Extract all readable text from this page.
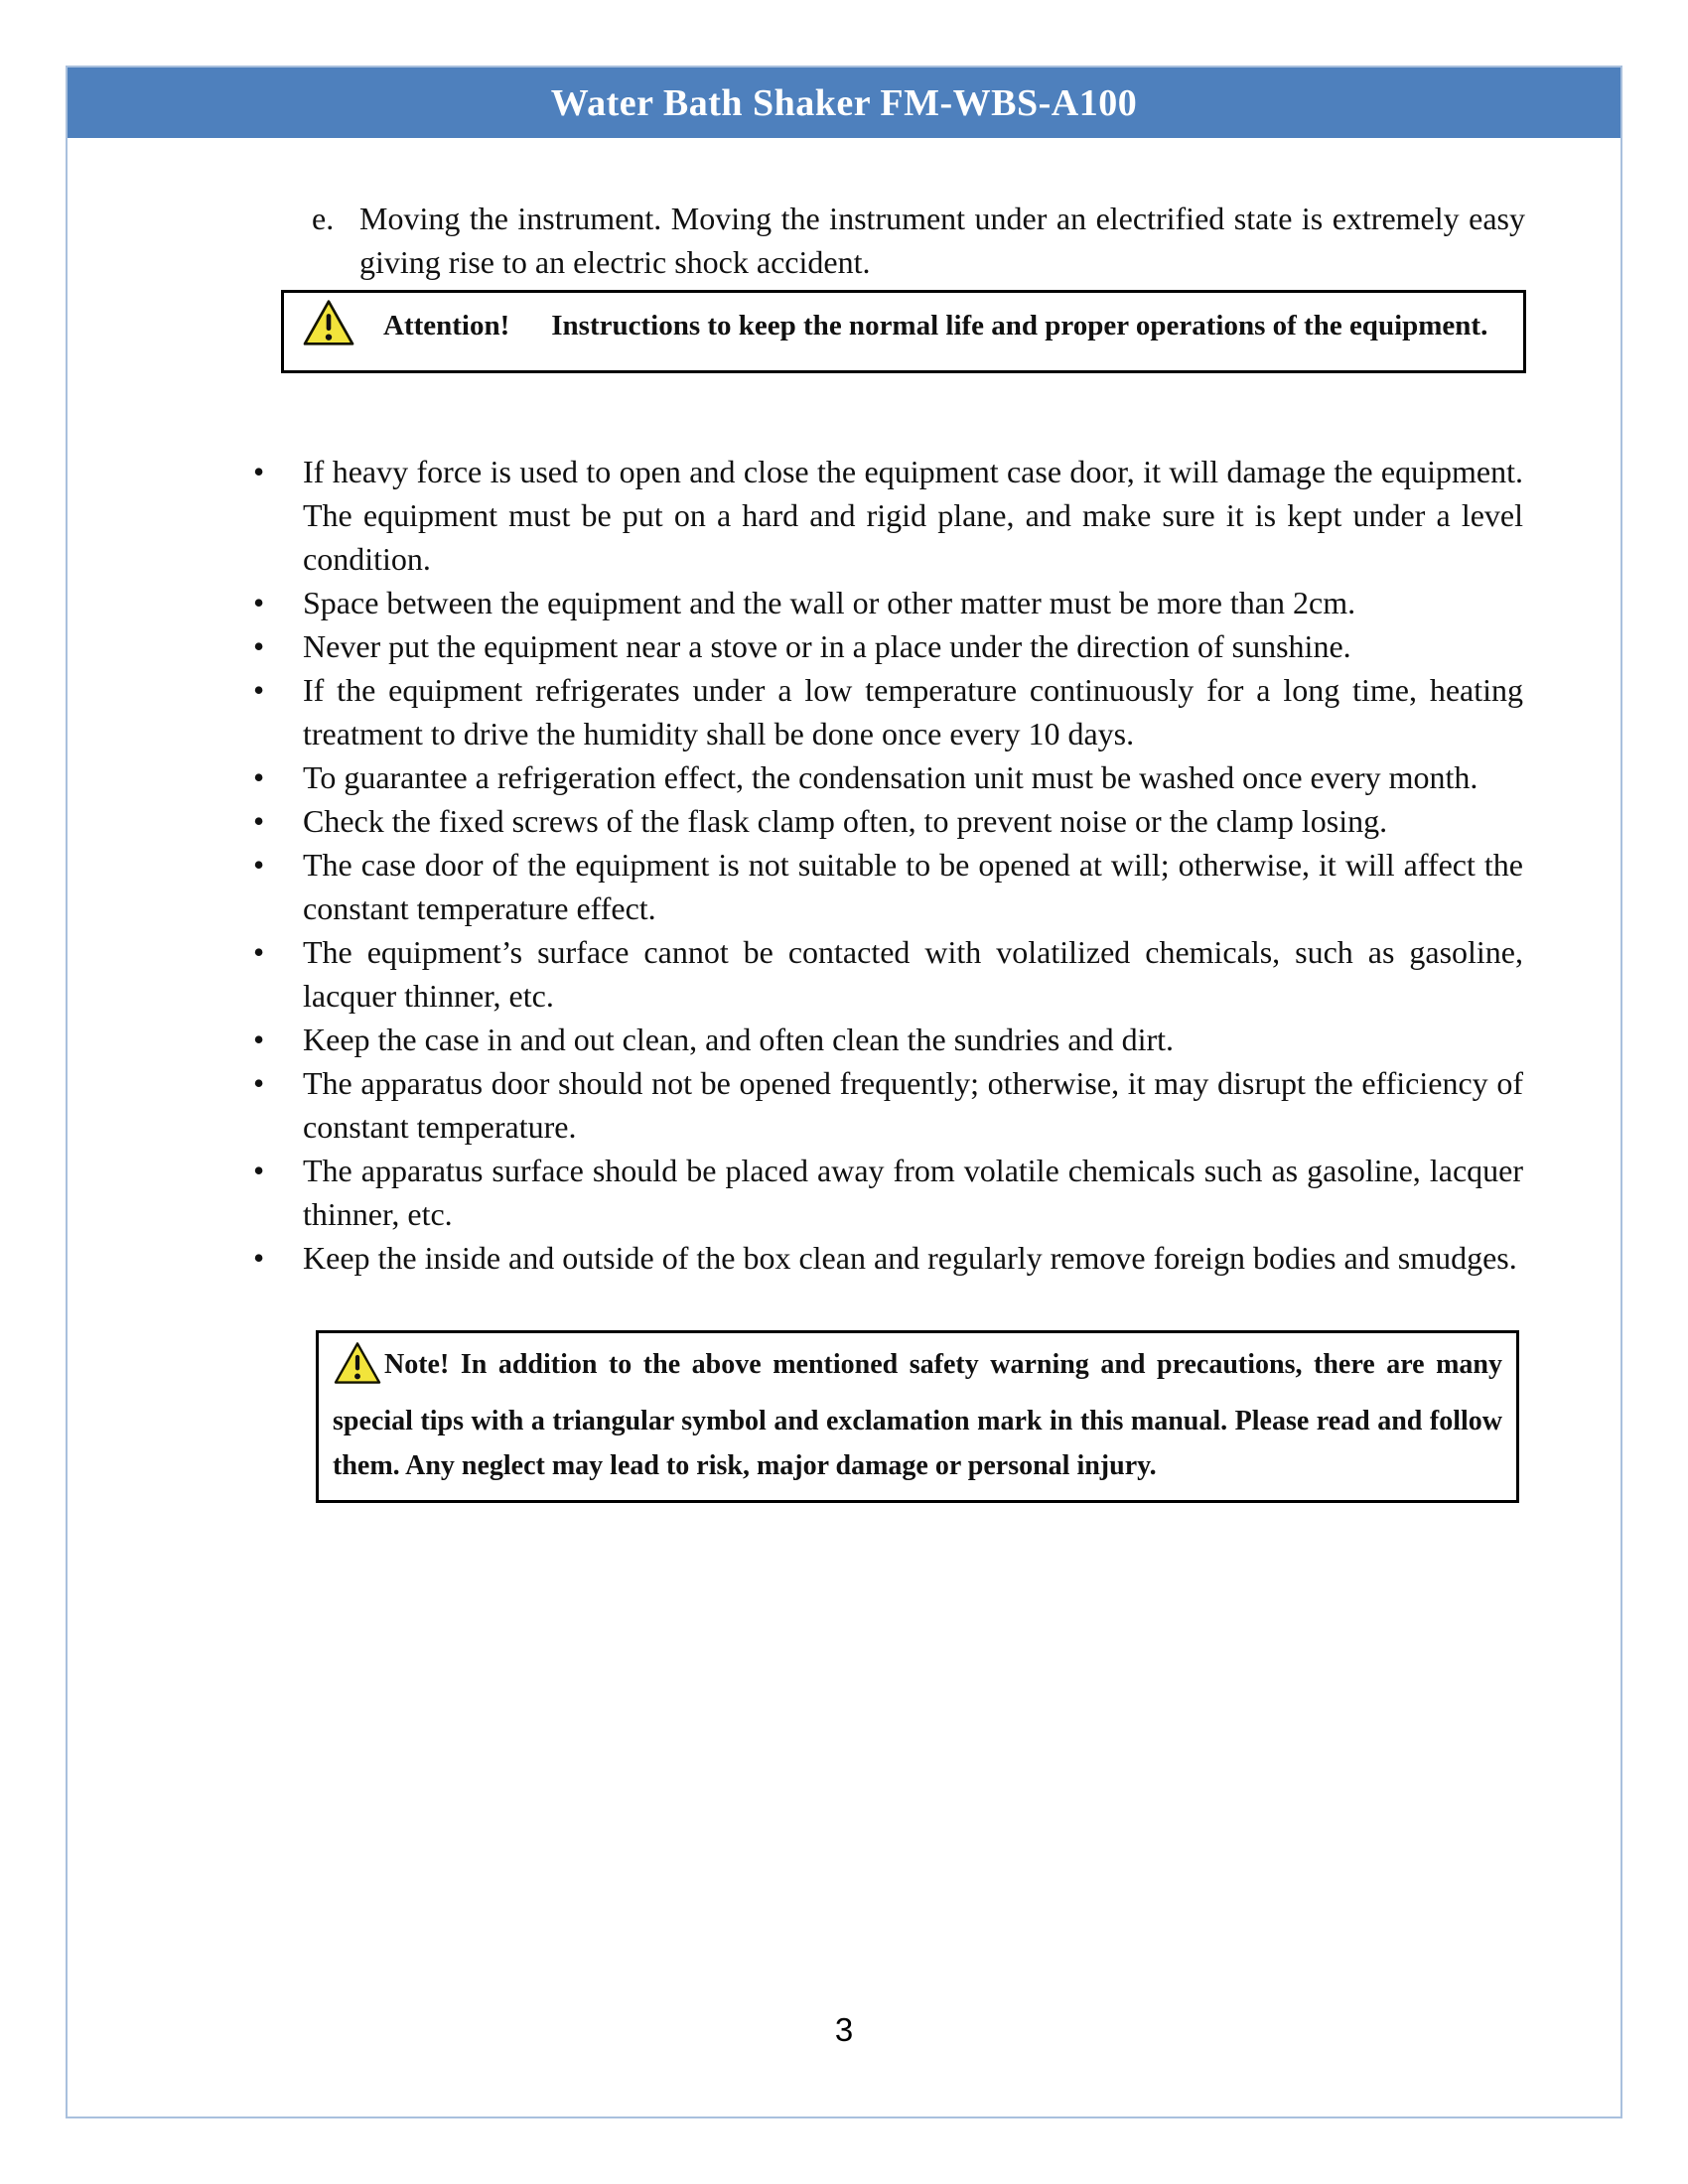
Water Bath Shaker FM-WBS-A100
e. Moving the instrument. Moving the instrument under an electrified state is extremely easy giving rise to an electric shock accident.
Attention! Instructions to keep the normal life and proper operations of the equipment.
• If heavy force is used to open and close the equipment case door, it will damage the equipment. The equipment must be put on a hard and rigid plane, and make sure it is kept under a level condition.
• Space between the equipment and the wall or other matter must be more than 2cm.
• Never put the equipment near a stove or in a place under the direction of sunshine.
• If the equipment refrigerates under a low temperature continuously for a long time, heating treatment to drive the humidity shall be done once every 10 days.
• To guarantee a refrigeration effect, the condensation unit must be washed once every month.
• Check the fixed screws of the flask clamp often, to prevent noise or the clamp losing.
• The case door of the equipment is not suitable to be opened at will; otherwise, it will affect the constant temperature effect.
• The equipment’s surface cannot be contacted with volatilized chemicals, such as gasoline, lacquer thinner, etc.
• Keep the case in and out clean, and often clean the sundries and dirt.
• The apparatus door should not be opened frequently; otherwise, it may disrupt the efficiency of constant temperature.
• The apparatus surface should be placed away from volatile chemicals such as gasoline, lacquer thinner, etc.
• Keep the inside and outside of the box clean and regularly remove foreign bodies and smudges.
Note! In addition to the above mentioned safety warning and precautions, there are many special tips with a triangular symbol and exclamation mark in this manual. Please read and follow them. Any neglect may lead to risk, major damage or personal injury.
3
